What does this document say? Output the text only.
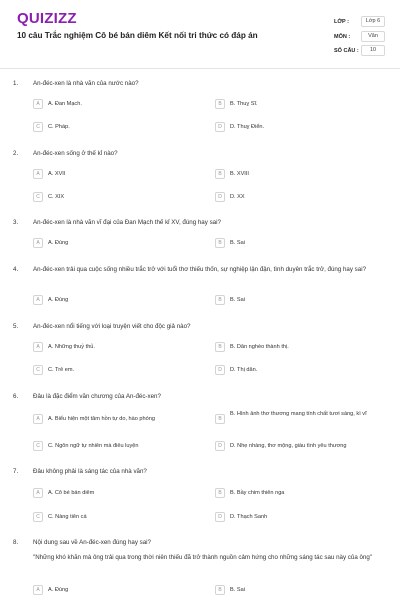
QUIZIZZ
10 câu Trắc nghiệm Cô bé bán diêm Kết nối tri thức có đáp án
LỚP :	Lớp 6
MÔN :	Văn
SỐ CÂU :	10
1. An-đéc-xen là nhà văn của nước nào?
A	A. Đan Mạch.	B	B. Thuỵ Sĩ.
C	C. Pháp.	D	D. Thuỵ Điển.
2. An-đéc-xen sống ở thế kỉ nào?
A	A. XVII	B	B. XVIII
C	C. XIX	D	D. XX
3. An-đéc-xen là nhà văn vĩ đại của Đan Mạch thế kỉ XV, đúng hay sai?
A	A. Đúng	B	B. Sai
4. An-đéc-xen trải qua cuộc sống nhiều trắc trở với tuổi thơ thiếu thốn, sự nghiệp lận đận, tình duyên trắc trở, đúng hay sai?
A	A. Đúng	B	B. Sai
5. An-đéc-xen nổi tiếng với loại truyện viết cho độc giả nào?
A	A. Những thuỷ thủ.	B	B. Dân nghèo thành thị.
C	C. Trẻ em.	D	D. Thị dân.
6. Đâu là đặc điểm văn chương của An-đéc-xen?
A	A. Biểu hiện một tâm hồn tự do, hào phóng	B
B. Hình ảnh thơ thương mang tính chất tươi sáng, kì vĩ
C	C. Ngôn ngữ tự nhiên mà điêu luyện	D	D. Nhẹ nhàng, thơ mộng, giàu tình yêu thương
7. Đâu không phải là sáng tác của nhà văn?
A	A. Cô bé bán diêm	B	B. Bầy chim thiên nga
C	C. Nàng tiên cá	D	D. Thạch Sanh
8. Nội dung sau về An-đéc-xen đúng hay sai?
"Những khó khăn mà ông trải qua trong thời niên thiếu đã trở thành nguồn cảm hứng cho những sáng tác sau này của ông"
A	A. Đúng	B	B. Sai
